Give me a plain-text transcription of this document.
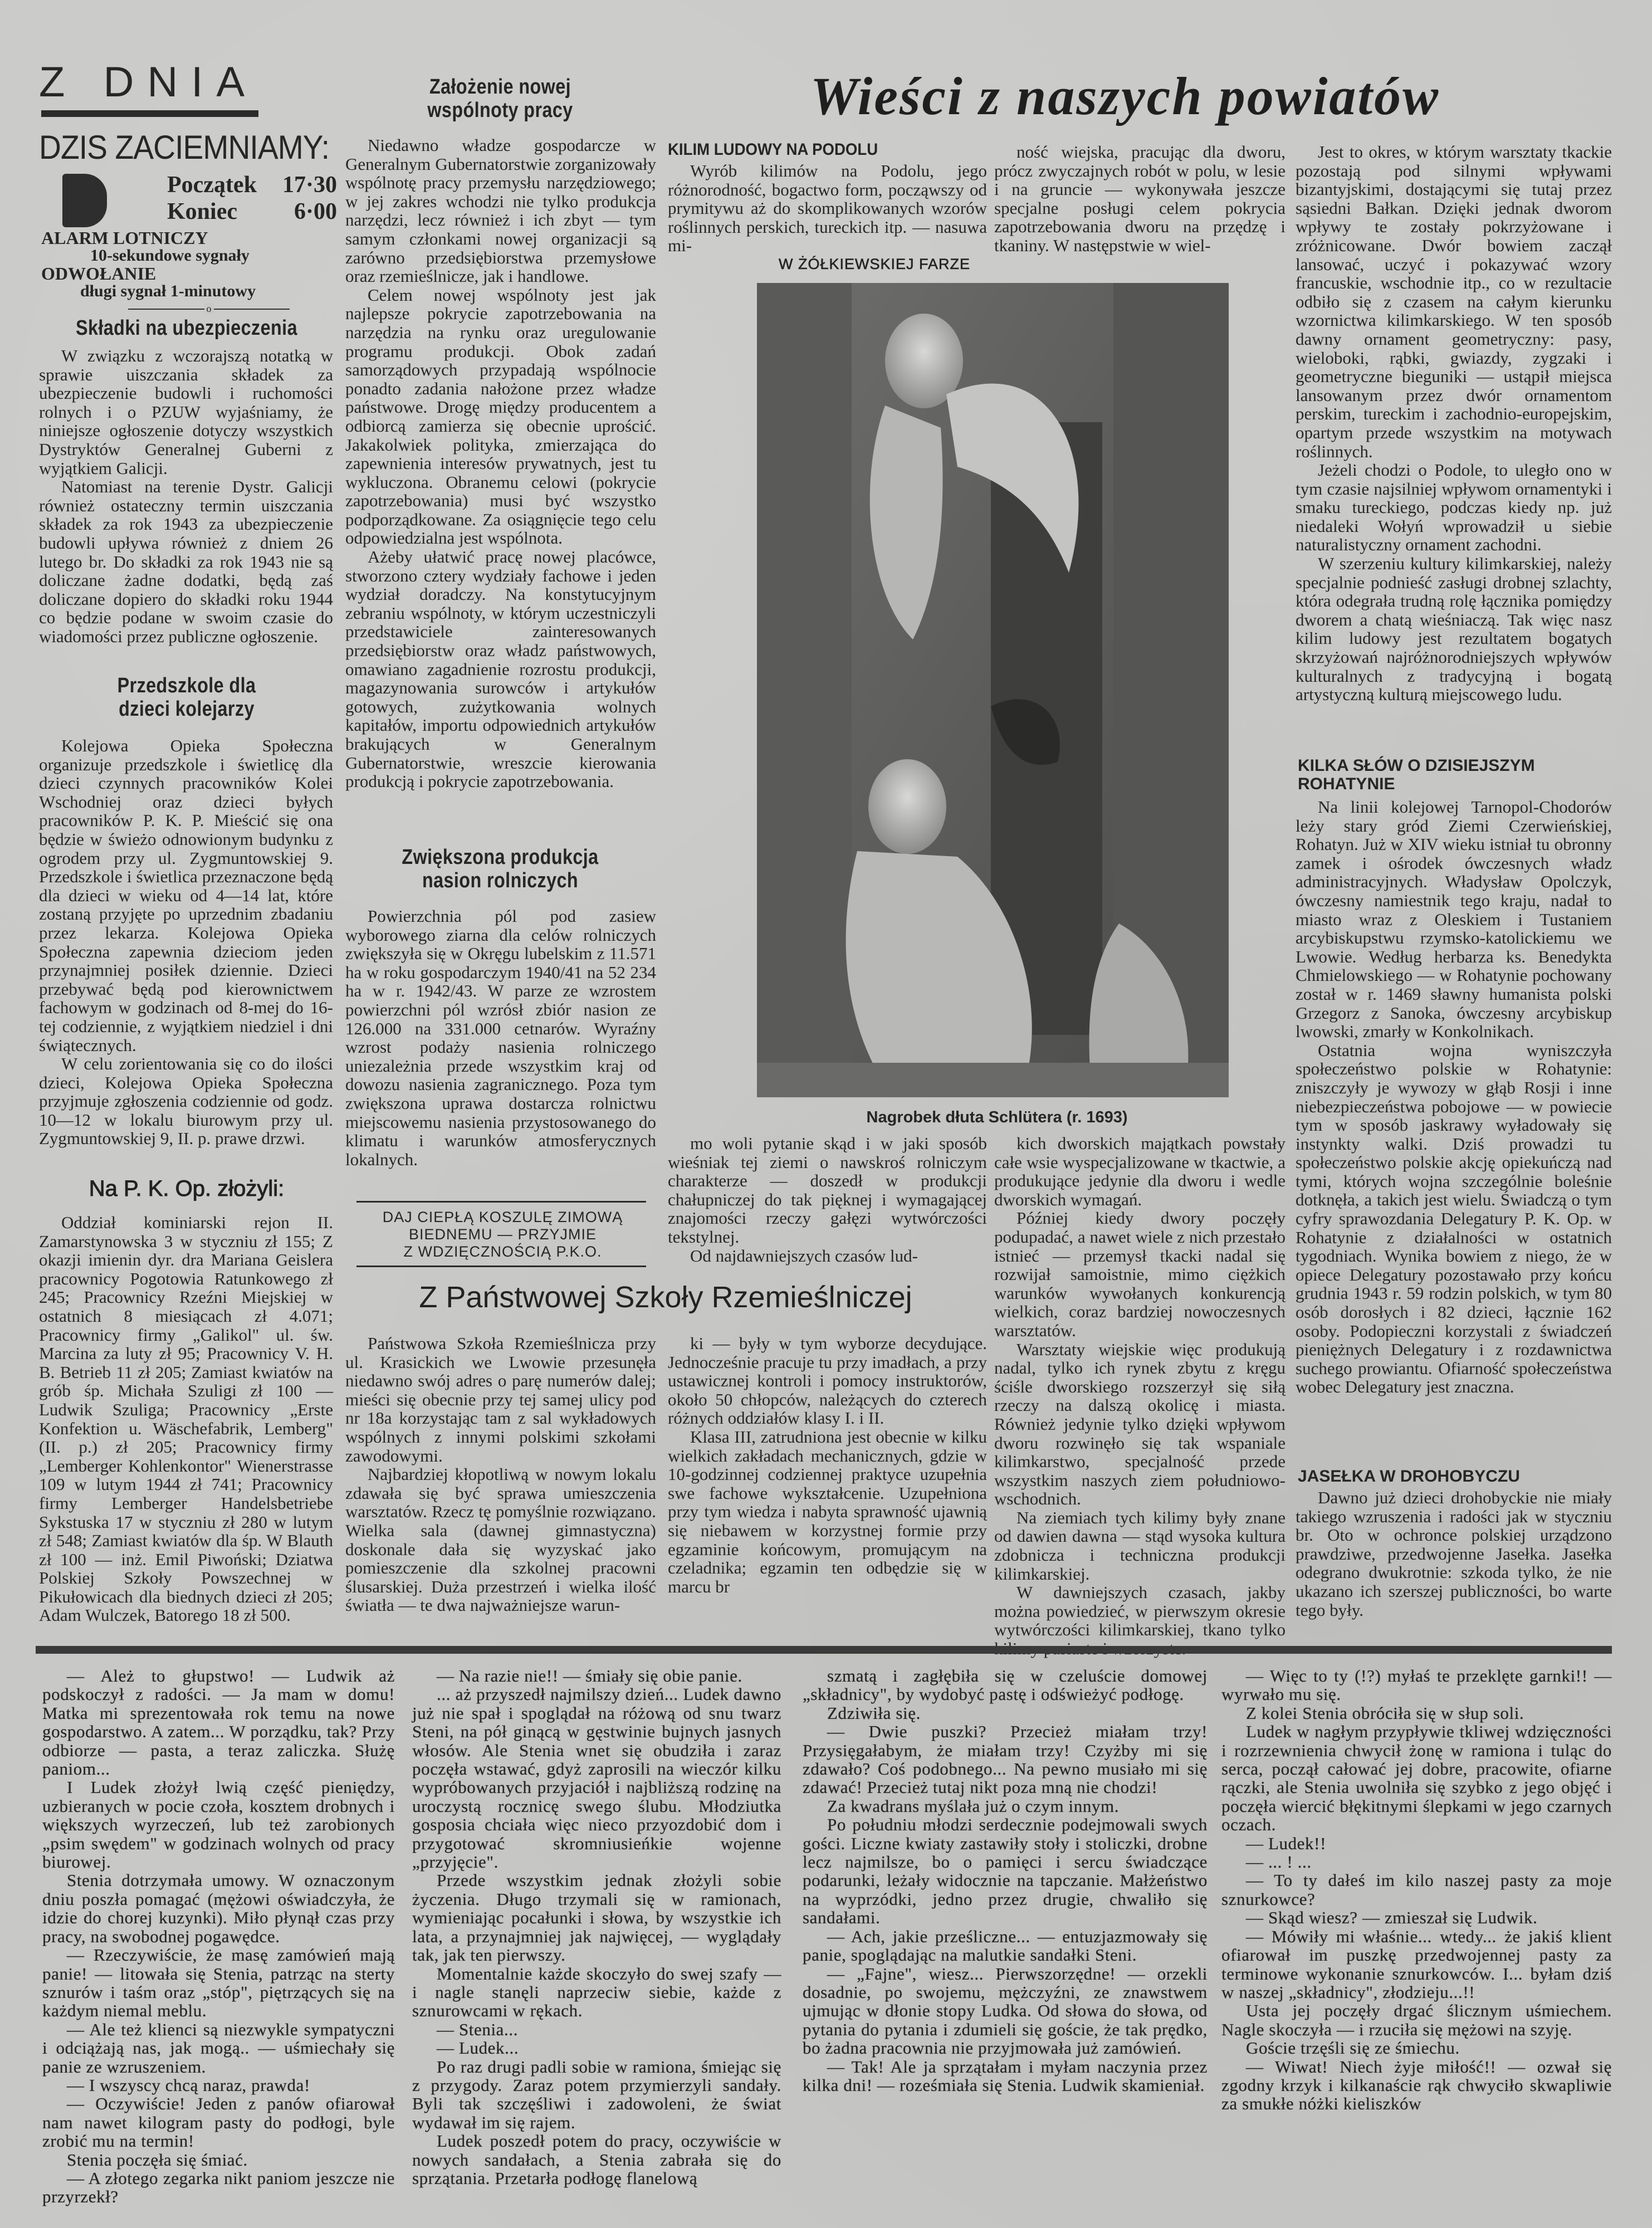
Z DNIA
DZIS ZACIEMNIAMY:
Początek 17·30
Koniec 6·00
ALARM LOTNICZY
10-sekundowe sygnały
ODWOŁANIE
długi sygnał 1-minutowy
o
Składki na ubezpieczenia

W związku z wczorajszą notatką w sprawie uiszczania składek za ubezpieczenie budowli i ruchomości rolnych i o PZUW wyjaśniamy, że niniejsze ogłoszenie dotyczy wszystkich Dystryktów Generalnej Guberni z wyjątkiem Galicji.

Natomiast na terenie Dystr. Galicji również ostateczny termin uiszczania składek za rok 1943 za ubezpieczenie budowli upływa również z dniem 26 lutego br. Do składki za rok 1943 nie są doliczane żadne dodatki, będą zaś doliczane dopiero do składki roku 1944 co będzie podane w swoim czasie do wiadomości przez publiczne ogłoszenie.

Przedszkole dla dzieci kolejarzy

Kolejowa Opieka Społeczna organizuje przedszkole i świetlicę dla dzieci czynnych pracowników Kolei Wschodniej oraz dzieci byłych pracowników P. K. P. Mieścić się ona będzie w świeżo odnowionym budynku z ogrodem przy ul. Zygmuntowskiej 9. Przedszkole i świetlica przeznaczone będą dla dzieci w wieku od 4—14 lat, które zostaną przyjęte po uprzednim zbadaniu przez lekarza. Kolejowa Opieka Społeczna zapewnia dzieciom jeden przynajmniej posiłek dziennie. Dzieci przebywać będą pod kierownictwem fachowym w godzinach od 8-mej do 16-tej codziennie, z wyjątkiem niedziel i dni świątecznych.

W celu zorientowania się co do ilości dzieci, Kolejowa Opieka Społeczna przyjmuje zgłoszenia codziennie od godz. 10—12 w lokalu biurowym przy ul. Zygmuntowskiej 9, II. p. prawe drzwi.

Na P. K. Op. złożyli:

Oddział kominiarski rejon II. Zamarstynowska 3 w styczniu zł 155; Z okazji imienin dyr. dra Mariana Geislera pracownicy Pogotowia Ratunkowego zł 245; Pracownicy Rzeźni Miejskiej w ostatnich 8 miesiącach zł 4.071; Pracownicy firmy „Galikol" ul. św. Marcina za luty zł 95; Pracownicy V. H. B. Betrieb 11 zł 205; Zamiast kwiatów na grób śp. Michała Szuligi zł 100 — Ludwik Szuliga; Pracownicy „Erste Konfektion u. Wäschefabrik, Lemberg" (II. p.) zł 205; Pracownicy firmy „Lemberger Kohlenkontor" Wienerstrasse 109 w lutym 1944 zł 741; Pracownicy firmy Lemberger Handelsbetriebe Sykstuska 17 w styczniu zł 280 w lutym zł 548; Zamiast kwiatów dla śp. W Blauth zł 100 — inż. Emil Piwoński; Dziatwa Polskiej Szkoły Powszechnej w Pikułowicach dla biednych dzieci zł 205; Adam Wulczek, Batorego 18 zł 500.

Założenie nowej wspólnoty pracy

Niedawno władze gospodarcze w Generalnym Gubernatorstwie zorganizowały wspólnotę pracy przemysłu narzędziowego; w jej zakres wchodzi nie tylko produkcja narzędzi, lecz również i ich zbyt — tym samym członkami nowej organizacji są zarówno przedsiębiorstwa przemysłowe oraz rzemieślnicze, jak i handlowe.

Celem nowej wspólnoty jest jak najlepsze pokrycie zapotrzebowania na narzędzia na rynku oraz uregulowanie programu produkcji. Obok zadań samorządowych przypadają wspólnocie ponadto zadania nałożone przez władze państwowe. Drogę między producentem a odbiorcą zamierza się obecnie uprościć. Jakakolwiek polityka, zmierzająca do zapewnienia interesów prywatnych, jest tu wykluczona. Obranemu celowi (pokrycie zapotrzebowania) musi być wszystko podporządkowane. Za osiągnięcie tego celu odpowiedzialna jest wspólnota.

Ażeby ułatwić pracę nowej placówce, stworzono cztery wydziały fachowe i jeden wydział doradczy. Na konstytucyjnym zebraniu wspólnoty, w którym uczestniczyli przedstawiciele zainteresowanych przedsiębiorstw oraz władz państwowych, omawiano zagadnienie rozrostu produkcji, magazynowania surowców i artykułów gotowych, zużytkowania wolnych kapitałów, importu odpowiednich artykułów brakujących w Generalnym Gubernatorstwie, wreszcie kierowania produkcją i pokrycie zapotrzebowania.

Zwiększona produkcja nasion rolniczych

Powierzchnia pól pod zasiew wyborowego ziarna dla celów rolniczych zwiększyła się w Okręgu lubelskim z 11.571 ha w roku gospodarczym 1940/41 na 52 234 ha w r. 1942/43. W parze ze wzrostem powierzchni pól wzrósł zbiór nasion ze 126.000 na 331.000 cetnarów. Wyraźny wzrost podaży nasienia rolniczego uniezależnia przede wszystkim kraj od dowozu nasienia zagranicznego. Poza tym zwiększona uprawa dostarcza rolnictwu miejscowemu nasienia przystosowanego do klimatu i warunków atmosferycznych lokalnych.

DAJ CIEPŁĄ KOSZULĘ ZIMOWĄ
BIEDNEMU — PRZYJMIE
Z WDZIĘCZNOŚCIĄ P.K.O.
Z Państwowej Szkoły Rzemieślniczej

Państwowa Szkoła Rzemieślnicza przy ul. Krasickich we Lwowie przesunęła niedawno swój adres o parę numerów dalej; mieści się obecnie przy tej samej ulicy pod nr 18a korzystając tam z sal wykładowych wspólnych z innymi polskimi szkołami zawodowymi.

Najbardziej kłopotliwą w nowym lokalu zdawała się być sprawa umieszczenia warsztatów. Rzecz tę pomyślnie rozwiązano. Wielka sala (dawnej gimnastyczna) doskonale dała się wyzyskać jako pomieszczenie dla szkolnej pracowni ślusarskiej. Duża przestrzeń i wielka ilość światła — te dwa najważniejsze warun-

ki — były w tym wyborze decydujące. Jednocześnie pracuje tu przy imadłach, a przy ustawicznej kontroli i pomocy instruktorów, około 50 chłopców, należących do czterech różnych oddziałów klasy I. i II.

Klasa III, zatrudniona jest obecnie w kilku wielkich zakładach mechanicznych, gdzie w 10-godzinnej codziennej praktyce uzupełnia swe fachowe wykształcenie. Uzupełniona przy tym wiedza i nabyta sprawność ujawnią się niebawem w korzystnej formie przy egzaminie końcowym, promującym na czeladnika; egzamin ten odbędzie się w marcu br

Wieści z naszych powiatów
KILIM LUDOWY NA PODOLU

Wyrób kilimów na Podolu, jego różnorodność, bogactwo form, począwszy od prymitywu aż do skomplikowanych wzorów roślinnych perskich, tureckich itp. — nasuwa mi-

ność wiejska, pracując dla dworu, prócz zwyczajnych robót w polu, w lesie i na gruncie — wykonywała jeszcze specjalne posługi celem pokrycia zapotrzebowania dworu na przędzę i tkaniny. W następstwie w wiel-

W ŻÓŁKIEWSKIEJ FARZE
Nagrobek dłuta Schlütera (r. 1693)

mo woli pytanie skąd i w jaki sposób wieśniak tej ziemi o nawskroś rolniczym charakterze — doszedł w produkcji chałupniczej do tak pięknej i wymagającej znajomości rzeczy gałęzi wytwórczości tekstylnej.

Od najdawniejszych czasów lud-

kich dworskich majątkach powstały całe wsie wyspecjalizowane w tkactwie, a produkujące jedynie dla dworu i wedle dworskich wymagań.

Później kiedy dwory poczęły podupadać, a nawet wiele z nich przestało istnieć — przemysł tkacki nadal się rozwijał samoistnie, mimo ciężkich warunków wywołanych konkurencją wielkich, coraz bardziej nowoczesnych warsztatów.

Warsztaty wiejskie więc produkują nadal, tylko ich rynek zbytu z kręgu ściśle dworskiego rozszerzył się siłą rzeczy na dalszą okolicę i miasta. Również jedynie tylko dzięki wpływom dworu rozwinęło się tak wspaniale kilimkarstwo, specjalność przede wszystkim naszych ziem południowo-wschodnich.

Na ziemiach tych kilimy były znane od dawien dawna — stąd wysoka kultura zdobnicza i techniczna produkcji kilimkarskiej.

W dawniejszych czasach, jakby można powiedzieć, w pierwszym okresie wytwórczości kilimkarskiej, tkano tylko

Jest to okres, w którym warsztaty tkackie pozostają pod silnymi wpływami bizantyjskimi, dostającymi się tutaj przez sąsiedni Bałkan. Dzięki jednak dworom wpływy te zostały pokrzyżowane i zróżnicowane. Dwór bowiem zaczął lansować, uczyć i pokazywać wzory francuskie, wschodnie itp., co w rezultacie odbiło się z czasem na całym kierunku wzornictwa kilimkarskiego. W ten sposób dawny ornament geometryczny: pasy, wieloboki, rąbki, gwiazdy, zygzaki i geometryczne bieguniki — ustąpił miejsca lansowanym przez dwór ornamentom perskim, tureckim i zachodnio-europejskim, opartym przede wszystkim na motywach roślinnych.

Jeżeli chodzi o Podole, to uległo ono w tym czasie najsilniej wpływom ornamentyki i smaku tureckiego, podczas kiedy np. już niedaleki Wołyń wprowadził u siebie naturalistyczny ornament zachodni.

W szerzeniu kultury kilimkarskiej, należy specjalnie podnieść zasługi drobnej szlachty, która odegrała trudną rolę łącznika pomiędzy dworem a chatą wieśniaczą. Tak więc nasz kilim ludowy jest rezultatem bogatych skrzyżowań najróżnorodniejszych wpływów kulturalnych z tradycyjną i bogatą artystyczną kulturą miejscowego ludu.

KILKA SŁÓW O DZISIEJSZYM ROHATYNIE

Na linii kolejowej Tarnopol-Chodorów leży stary gród Ziemi Czerwieńskiej, Rohatyn. Już w XIV wieku istniał tu obronny zamek i ośrodek ówczesnych władz administracyjnych. Władysław Opolczyk, ówczesny namiestnik tego kraju, nadał to miasto wraz z Oleskiem i Tustaniem arcybiskupstwu rzymsko-katolickiemu we Lwowie. Według herbarza ks. Benedykta Chmielowskiego — w Rohatynie pochowany został w r. 1469 sławny humanista polski Grzegorz z Sanoka, ówczesny arcybiskup lwowski, zmarły w Konkolnikach.

Ostatnia wojna wyniszczyła społeczeństwo polskie w Rohatynie: zniszczyły je wywozy w głąb Rosji i inne niebezpieczeństwa pobojowe — w powiecie tym w sposób jaskrawy wyładowały się instynkty walki. Dziś prowadzi tu społeczeństwo polskie akcję opiekuńczą nad tymi, których wojna szczególnie boleśnie dotknęła, a takich jest wielu. Świadczą o tym cyfry sprawozdania Delegatury P. K. Op. w Rohatynie z działalności w ostatnich tygodniach. Wynika bowiem z niego, że w opiece Delegatury pozostawało przy końcu grudnia 1943 r. 59 rodzin polskich, w tym 80 osób dorosłych i 82 dzieci, łącznie 162 osoby. Podopieczni korzystali z świadczeń pieniężnych Delegatury i z rozdawnictwa suchego prowiantu. Ofiarność społeczeństwa wobec Delegatury jest znaczna.

JASEŁKA W DROHOBYCZU

Dawno już dzieci drohobyckie nie miały takiego wzruszenia i radości jak w styczniu br. Oto w ochronce polskiej urządzono prawdziwe, przedwojenne Jasełka. Jasełka odegrano dwukrotnie: szkoda tylko, że nie ukazano ich szerszej publiczności, bo warte tego były.

— Ależ to głupstwo! — Ludwik aż podskoczył z radości. — Ja mam w domu! Matka mi sprezentowała rok temu na nowe gospodarstwo. A zatem... W porządku, tak? Przy odbiorze — pasta, a teraz zaliczka. Służę paniom...

I Ludek złożył lwią część pieniędzy, uzbieranych w pocie czoła, kosztem drobnych i większych wyrzeczeń, lub też zarobionych „psim swędem" w godzinach wolnych od pracy biurowej.

Stenia dotrzymała umowy. W oznaczonym dniu poszła pomagać (mężowi oświadczyła, że idzie do chorej kuzynki). Miło płynął czas przy pracy, na swobodnej pogawędce.

— Rzeczywiście, że masę zamówień mają panie! — litowała się Stenia, patrząc na sterty sznurów i taśm oraz „stóp", piętrzących się na każdym niemal meblu.

— Ale też klienci są niezwykle sympatyczni i odciążają nas, jak mogą.. — uśmiechały się panie ze wzruszeniem.

— I wszyscy chcą naraz, prawda!

— Oczywiście! Jeden z panów ofiarował nam nawet kilogram pasty do podłogi, byle zrobić mu na termin!

Stenia poczęła się śmiać.

— A złotego zegarka nikt paniom jeszcze nie przyrzekł?

— Na razie nie!! — śmiały się obie panie.

... aż przyszedł najmilszy dzień... Ludek dawno już nie spał i spoglądał na różową od snu twarz Steni, na pół ginącą w gęstwinie bujnych jasnych włosów. Ale Stenia wnet się obudziła i zaraz poczęła wstawać, gdyż zaprosili na wieczór kilku wypróbowanych przyjaciół i najbliższą rodzinę na uroczystą rocznicę swego ślubu. Młodziutka gosposia chciała więc nieco przyozdobić dom i przygotować skromniusieńkie wojenne „przyjęcie".

Przede wszystkim jednak złożyli sobie życzenia. Długo trzymali się w ramionach, wymieniając pocałunki i słowa, by wszystkie ich lata, a przynajmniej jak najwięcej, — wyglądały tak, jak ten pierwszy.

Momentalnie każde skoczyło do swej szafy — i nagle stanęli naprzeciw siebie, każde z sznurowcami w rękach.

— Stenia...

— Ludek...

Po raz drugi padli sobie w ramiona, śmiejąc się z przygody. Zaraz potem przymierzyli sandały. Byli tak szczęśliwi i zadowoleni, że świat wydawał im się rajem.

Ludek poszedł potem do pracy, oczywiście w nowych sandałach, a Stenia zabrała się do sprzątania. Przetarła podłogę flanelową

szmatą i zagłębiła się w czeluście domowej „składnicy", by wydobyć pastę i odświeżyć podłogę.

Zdziwiła się.

— Dwie puszki? Przecież miałam trzy! Przysięgałabym, że miałam trzy! Czyżby mi się zdawało? Coś podobnego... Na pewno musiało mi się zdawać! Przecież tutaj nikt poza mną nie chodzi!

Za kwadrans myślała już o czym innym.

Po południu młodzi serdecznie podejmowali swych gości. Liczne kwiaty zastawiły stoły i stoliczki, drobne lecz najmilsze, bo o pamięci i sercu świadczące podarunki, leżały widocznie na tapczanie. Małżeństwo na wyprzódki, jedno przez drugie, chwaliło się sandałami.

— Ach, jakie prześliczne... — entuzjazmowały się panie, spoglądając na malutkie sandałki Steni.

— „Fajne", wiesz... Pierwszorzędne! — orzekli dosadnie, po swojemu, mężczyźni, ze znawstwem ujmując w dłonie stopy Ludka. Od słowa do słowa, od pytania do pytania i zdumieli się goście, że tak prędko, bo żadna pracownia nie przyjmowała już zamówień.

— Tak! Ale ja sprzątałam i myłam naczynia przez kilka dni! — roześmiała się Stenia. Ludwik skamieniał.

— Więc to ty (!?) myłaś te przeklęte garnki!! — wyrwało mu się.

Z kolei Stenia obróciła się w słup soli.

Ludek w nagłym przypływie tkliwej wdzięczności i rozrzewnienia chwycił żonę w ramiona i tuląc do serca, począł całować jej dobre, pracowite, ofiarne rączki, ale Stenia uwolniła się szybko z jego objęć i poczęła wiercić błękitnymi ślepkami w jego czarnych oczach.

— Ludek!!

— ... ! ...

— To ty dałeś im kilo naszej pasty za moje sznurkowce?

— Skąd wiesz? — zmieszał się Ludwik.

— Mówiły mi właśnie... wtedy... że jakiś klient ofiarował im puszkę przedwojennej pasty za terminowe wykonanie sznurkowców. I... byłam dziś w naszej „składnicy", złodzieju...!!

Usta jej poczęły drgać ślicznym uśmiechem. Nagle skoczyła — i rzuciła się mężowi na szyję.

Goście trzęśli się ze śmiechu.

— Wiwat! Niech żyje miłość!! — ozwał się zgodny krzyk i kilkanaście rąk chwyciło skwapliwie za smukłe nóżki kieliszków
